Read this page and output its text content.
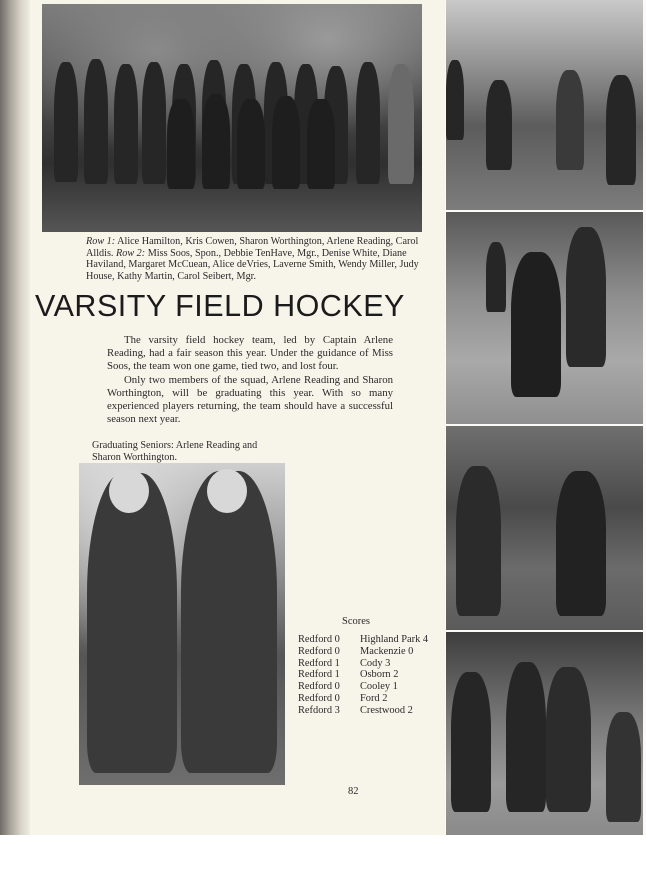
Row 1: Alice Hamilton, Kris Cowen, Sharon Worthington, Arlene Reading, Carol Alldis. Row 2: Miss Soos, Spon., Debbie TenHave, Mgr., Denise White, Diane Haviland, Margaret McCuean, Alice deVries, Laverne Smith, Wendy Miller, Judy House, Kathy Martin, Carol Seibert, Mgr.
VARSITY FIELD HOCKEY

The varsity field hockey team, led by Captain Arlene Reading, had a fair season this year. Under the guidance of Miss Soos, the team won one game, tied two, and lost four.

Only two members of the squad, Arlene Reading and Sharon Worthington, will be graduating this year. With so many experienced players returning, the team should have a successful season next year.

Graduating Seniors: Arlene Reading and Sharon Worthington.
Scores
Redford 0	Highland Park 4
Redford 0	Mackenzie 0
Redford 1	Cody 3
Redford 1	Osborn 2
Redford 0	Cooley 1
Redford 0	Ford 2
Refdord 3	Crestwood 2
82
